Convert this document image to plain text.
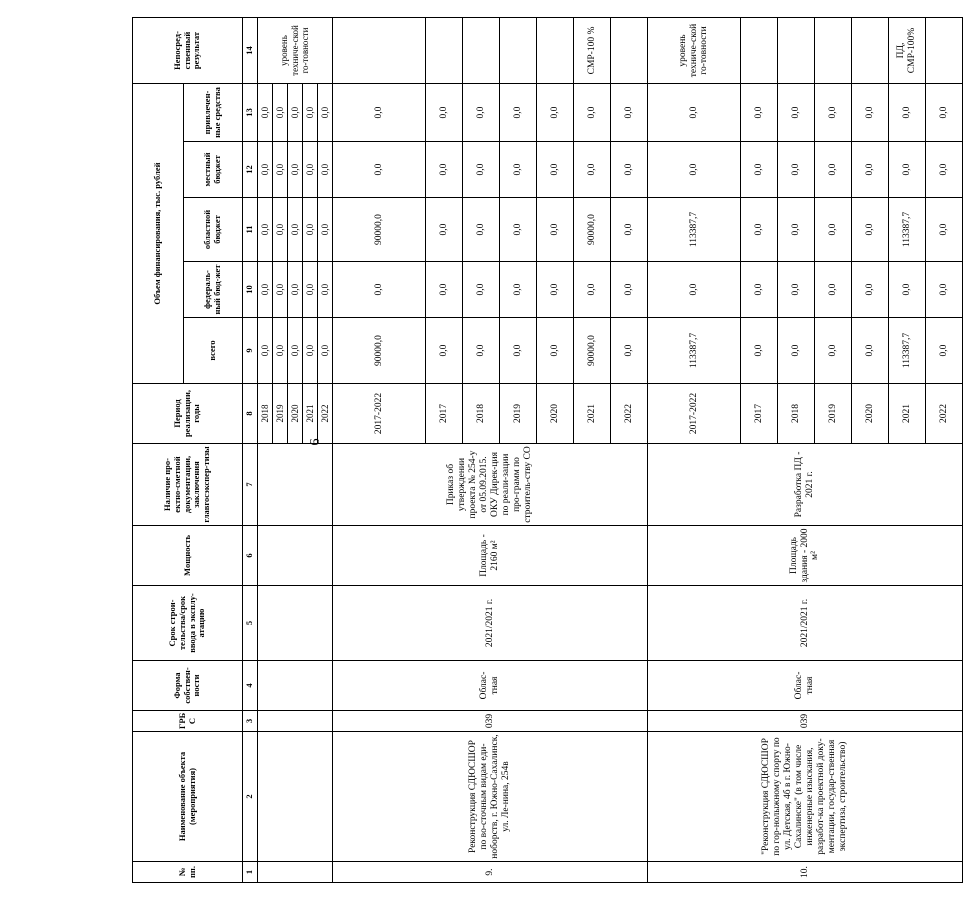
6
№ пп.	Наименование объекта (мероприятия)	ГРБ С	Форма собствен-ности	Срок строи-тельства/срок ввода в эксплу-атацию	Мощность	Наличие про-ектно-сметной документации, заключения главгосэкспер-тизы	Период реализации, годы	Объем финансирования, тыс. рублей					Непосред-ственный результат
								всего	федераль-ный бюд-жет	областной бюджет	местный бюджет	привлечен-ные средства	
1	2	3	4	5	6	7	8	9	10	11	12	13	14
							2018	0,0	0,0	0,0	0,0	0,0	уровень техниче-ской го-товности
							2019	0,0	0,0	0,0	0,0	0,0	
							2020	0,0	0,0	0,0	0,0	0,0	
							2021	0,0	0,0	0,0	0,0	0,0	
							2022	0,0	0,0	0,0	0,0	0,0	
9.	Реконструкция СДЮСШОР по во-сточным видам еди-ноборств, г. Южно-Сахалинск, ул. Ле-нина, 254в	039	Облас-тная	2021/2021 г.	Площадь - 2160 м²	Приказ об утверждении проекта № 254-у от 05.09.2015. ОКУ Дирек-ция по реали-зации про-грамм по строитель-ству СО	2017-2022	90000,0	0,0	90000,0	0,0	0,0	
							2017	0,0	0,0	0,0	0,0	0,0	
							2018	0,0	0,0	0,0	0,0	0,0	
							2019	0,0	0,0	0,0	0,0	0,0	
							2020	0,0	0,0	0,0	0,0	0,0	
							2021	90000,0	0,0	90000,0	0,0	0,0	СМР-100 %
							2022	0,0	0,0	0,0	0,0	0,0	
10.	"Реконструкция СДЮСШОР по гор-нолыжному спорту по ул. Детская, 4б в г. Южно-Сахалинске" (в том числе инженерные изыскания, разработ-ка проектной доку-ментации, государ-ственная экспертиза, строительство)	039	Облас-тная	2021/2021 г.	Площадь здания - 2000 м²	Разработка ПД - 2021 г.	2017-2022	113387,7	0,0	113387,7	0,0	0,0	уровень техниче-ской го-товности
							2017	0,0	0,0	0,0	0,0	0,0	
							2018	0,0	0,0	0,0	0,0	0,0	
							2019	0,0	0,0	0,0	0,0	0,0	
							2020	0,0	0,0	0,0	0,0	0,0	
							2021	113387,7	0,0	113387,7	0,0	0,0	ПД, СМР-100%
							2022	0,0	0,0	0,0	0,0	0,0	
